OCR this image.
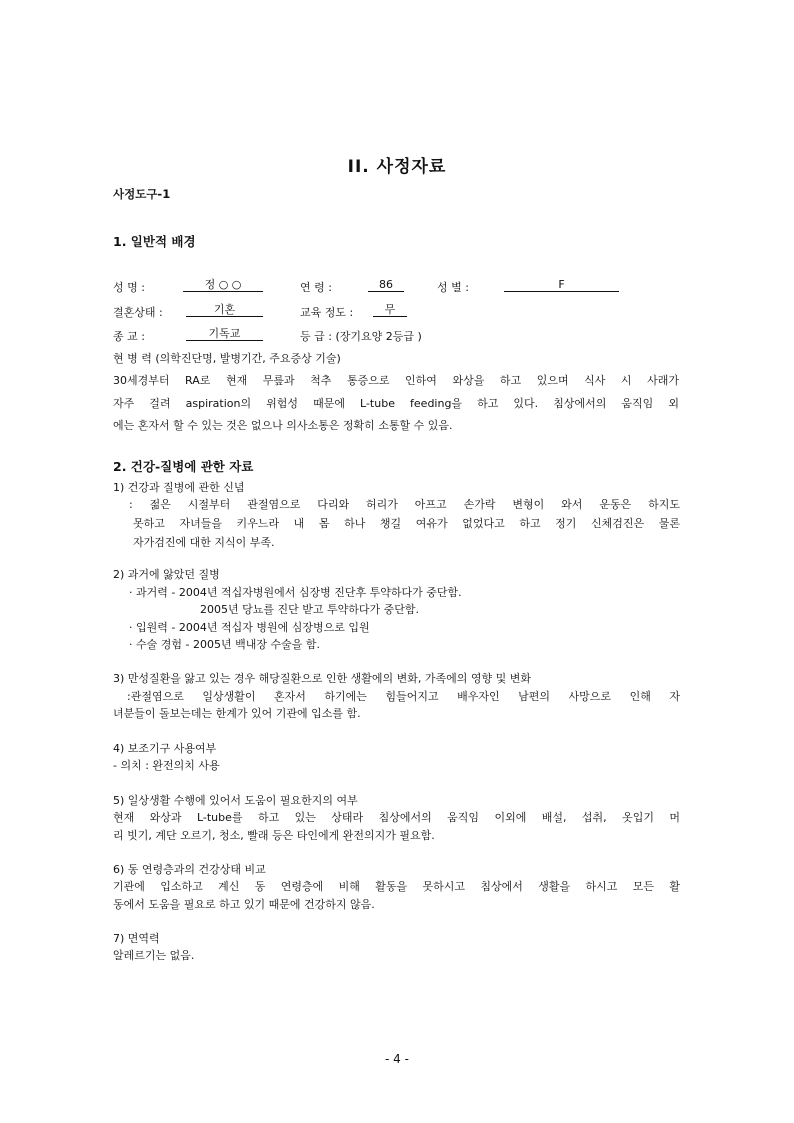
II. 사정자료
사정도구-1
1. 일반적 배경
성 명 :	정 ○ ○	연 령 :	86	성 별 :	F
결혼상태 :	기혼	교육 정도 :	무
종 교 :	기독교	등 급 : (장기요양 2등급 )
현 병 력 (의학진단명, 발병기간, 주요증상 기술)
30세경부터 RA로 현재 무릎과 척추 통증으로 인하여 와상을 하고 있으며 식사 시 사래가
자주 걸려 aspiration의 위험성 때문에 L-tube feeding을 하고 있다. 침상에서의 움직임 외
에는 혼자서 할 수 있는 것은 없으나 의사소통은 정확히 소통할 수 있음.
2. 건강-질병에 관한 자료
1) 건강과 질병에 관한 신념
: 젊은 시절부터 관절염으로 다리와 허리가 아프고 손가락 변형이 와서 운동은 하지도
못하고 자녀들을 키우느라 내 몸 하나 챙길 여유가 없었다고 하고 정기 신체검진은 물론
자가검진에 대한 지식이 부족.
2) 과거에 앓았던 질병
· 과거력 - 2004년 적십자병원에서 심장병 진단후 투약하다가 중단함.
2005년 당뇨를 진단 받고 투약하다가 중단함.
· 입원력 - 2004년 적십자 병원에 심장병으로 입원
· 수술 경험 - 2005년 백내장 수술을 함.
3) 만성질환을 앓고 있는 경우 해당질환으로 인한 생활에의 변화, 가족에의 영향 및 변화
:관절염으로 일상생활이 혼자서 하기에는 힘들어지고 배우자인 남편의 사망으로 인해 자
녀분들이 돌보는데는 한계가 있어 기관에 입소를 함.
4) 보조기구 사용여부
- 의치 : 완전의치 사용
5) 일상생활 수행에 있어서 도움이 필요한지의 여부
현재 와상과 L-tube를 하고 있는 상태라 침상에서의 움직임 이외에 배설, 섭취, 옷입기 머
리 빗기, 계단 오르기, 청소, 빨래 등은 타인에게 완전의지가 필요함.
6) 동 연령층과의 건강상태 비교
기관에 입소하고 계신 동 연령층에 비해 활동을 못하시고 침상에서 생활을 하시고 모든 활
동에서 도움을 필요로 하고 있기 때문에 건강하지 않음.
7) 면역력
알레르기는 없음.
- 4 -
